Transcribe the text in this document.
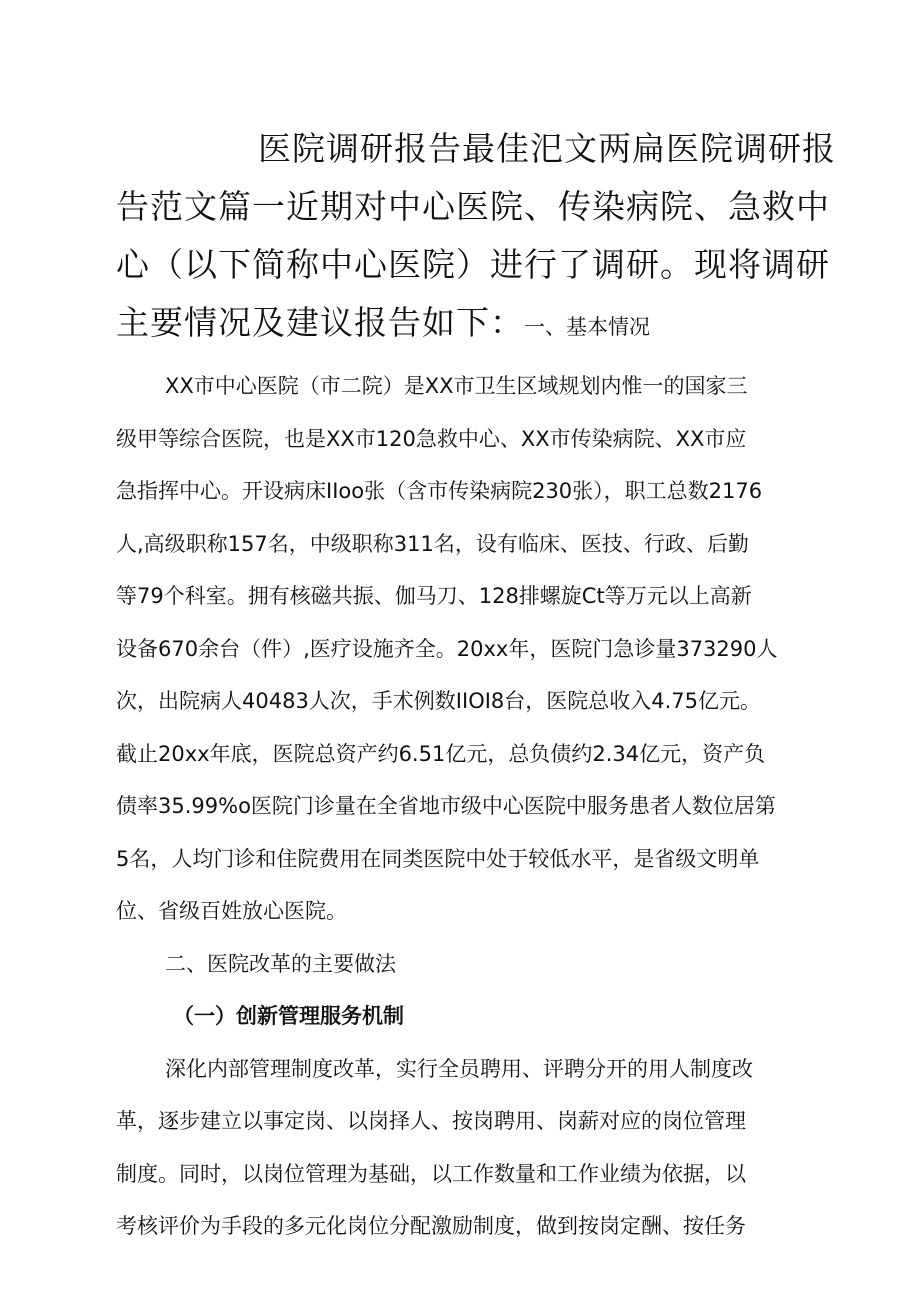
医院调研报告最佳汜文两扁医院调研报
告范文篇一近期对中心医院、传染病院、急救中
心（以下简称中心医院）进行了调研。现将调研
主要情况及建议报告如下：一、基本情况
XX市中心医院（市二院）是XX市卫生区域规划内惟一的国家三
级甲等综合医院，也是XX市120急救中心、XX市传染病院、XX市应
急指挥中心。开设病床IIoo张（含市传染病院230张），职工总数2176
人,高级职称157名，中级职称311名，设有临床、医技、行政、后勤
等79个科室。拥有核磁共振、伽马刀、128排螺旋Ct等万元以上高新
设备670余台（件）,医疗设施齐全。20xx年，医院门急诊量373290人
次，出院病人40483人次，手术例数IIOI8台，医院总收入4.75亿元。
截止20xx年底，医院总资产约6.51亿元，总负债约2.34亿元，资产负
债率35.99%o医院门诊量在全省地市级中心医院中服务患者人数位居第
5名，人均门诊和住院费用在同类医院中处于较低水平，是省级文明单
位、省级百姓放心医院。
二、医院改革的主要做法
（一）创新管理服务机制
深化内部管理制度改革，实行全员聘用、评聘分开的用人制度改
革，逐步建立以事定岗、以岗择人、按岗聘用、岗薪对应的岗位管理
制度。同时，以岗位管理为基础，以工作数量和工作业绩为依据，以
考核评价为手段的多元化岗位分配激励制度，做到按岗定酬、按任务
